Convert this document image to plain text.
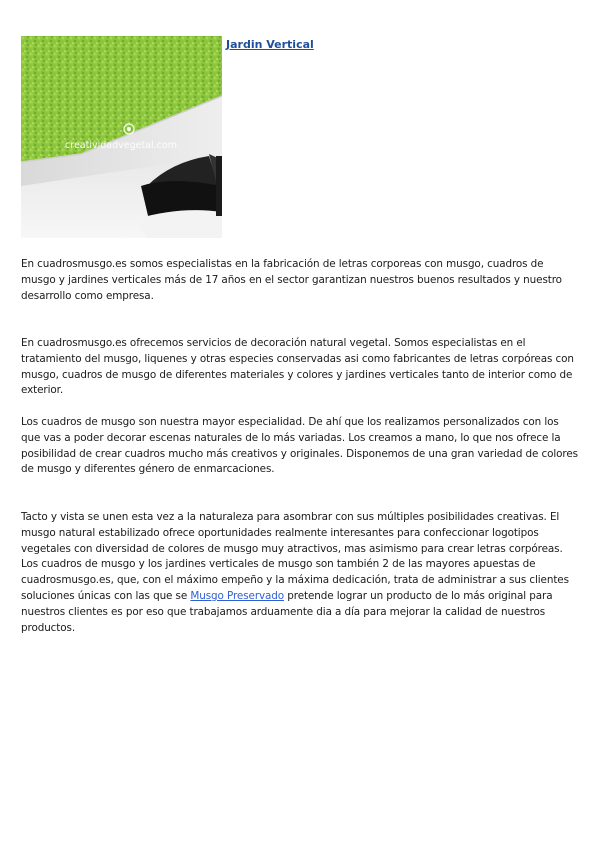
creatividadvegetal.com
Jardin Vertical

En cuadrosmusgo.es somos especialistas en la fabricación de letras corporeas con musgo, cuadros de musgo y jardines verticales más de 17 años en el sector garantizan nuestros buenos resultados y nuestro desarrollo como empresa.

En cuadrosmusgo.es ofrecemos servicios de decoración natural vegetal. Somos especialistas en el tratamiento del musgo, liquenes y otras especies conservadas asi como fabricantes de letras corpóreas con musgo, cuadros de musgo de diferentes materiales y colores y jardines verticales tanto de interior como de exterior.

Los cuadros de musgo son nuestra mayor especialidad. De ahí que los realizamos personalizados con los que vas a poder decorar escenas naturales de lo más variadas. Los creamos a mano, lo que nos ofrece la posibilidad de crear cuadros mucho más creativos y originales. Disponemos de una gran variedad de colores de musgo y diferentes género de enmarcaciones.

Tacto y vista se unen esta vez a la naturaleza para asombrar con sus múltiples posibilidades creativas. El musgo natural estabilizado ofrece oportunidades realmente interesantes para confeccionar logotipos vegetales con diversidad de colores de musgo muy atractivos, mas asimismo para crear letras corpóreas. Los cuadros de musgo y los jardines verticales de musgo son también 2 de las mayores apuestas de cuadrosmusgo.es, que, con el máximo empeño y la máxima dedicación, trata de administrar a sus clientes soluciones únicas con las que se Musgo Preservado pretende lograr un producto de lo más original para nuestros clientes es por eso que trabajamos arduamente dia a día para mejorar la calidad de nuestros productos.
